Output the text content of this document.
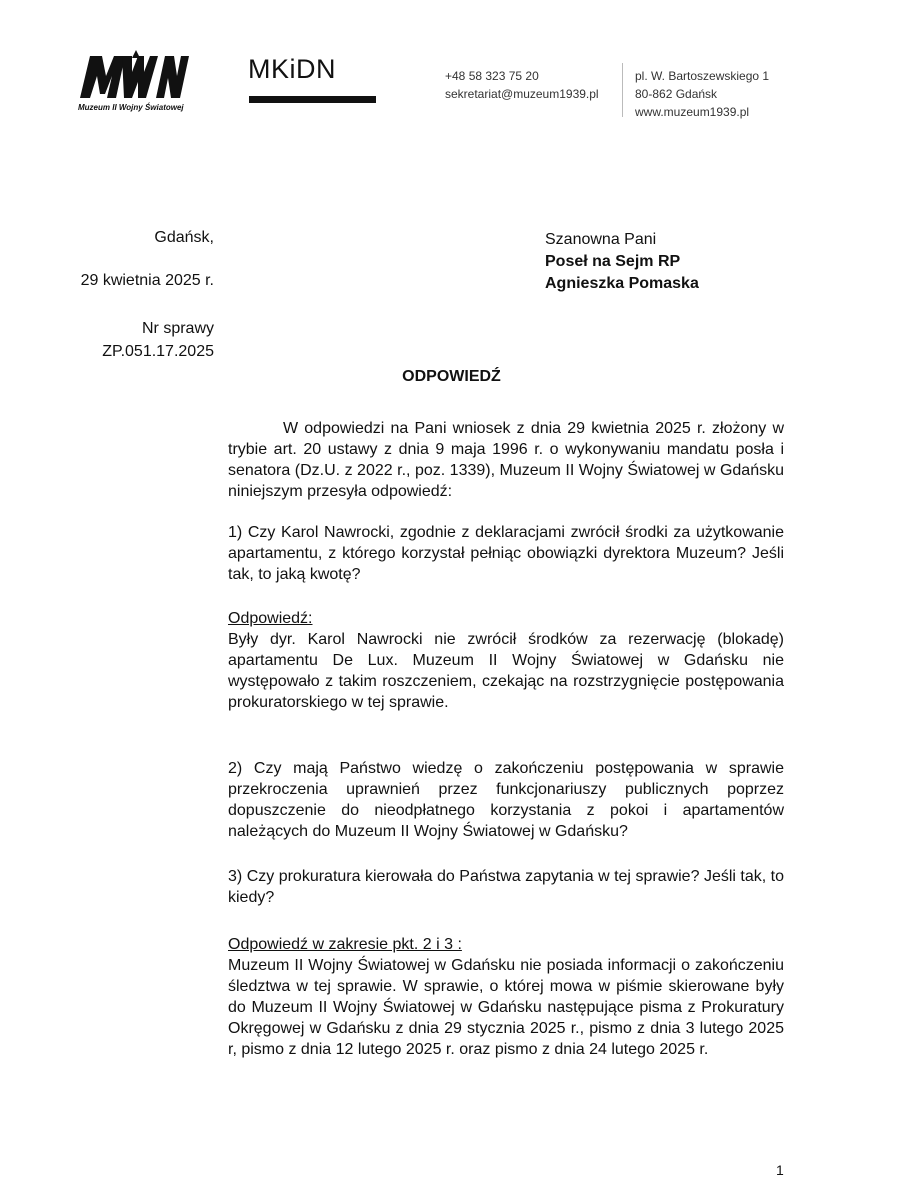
Muzeum II Wojny Światowej
MKiDN	+48 58 323 75 20
sekretariat@muzeum1939.pl
pl. W. Bartoszewskiego 1
80-862 Gdańsk
www.muzeum1939.pl
Gdańsk,
29 kwietnia 2025 r.
Nr sprawy
ZP.051.17.2025
Szanowna Pani
Poseł na Sejm RP
Agnieszka Pomaska
ODPOWIEDŹ

W odpowiedzi na Pani wniosek z dnia 29 kwietnia 2025 r. złożony w trybie art. 20 ustawy z dnia 9 maja 1996 r. o wykonywaniu mandatu posła i senatora (Dz.U. z 2022 r., poz. 1339), Muzeum II Wojny Światowej w Gdańsku niniejszym przesyła odpowiedź:

1) Czy Karol Nawrocki, zgodnie z deklaracjami zwrócił środki za użytkowanie apartamentu, z którego korzystał pełniąc obowiązki dyrektora Muzeum? Jeśli tak, to jaką kwotę?

Odpowiedź:

Były dyr. Karol Nawrocki nie zwrócił środków za rezerwację (blokadę) apartamentu De Lux. Muzeum II Wojny Światowej w Gdańsku nie występowało z takim roszczeniem, czekając na rozstrzygnięcie postępowania prokuratorskiego w tej sprawie.

2) Czy mają Państwo wiedzę o zakończeniu postępowania w sprawie przekroczenia uprawnień przez funkcjonariuszy publicznych poprzez dopuszczenie do nieodpłatnego korzystania z pokoi i apartamentów należących do Muzeum II Wojny Światowej w Gdańsku?

3) Czy prokuratura kierowała do Państwa zapytania w tej sprawie? Jeśli tak, to kiedy?

Odpowiedź w zakresie pkt. 2 i 3 :

Muzeum II Wojny Światowej w Gdańsku nie posiada informacji o zakończeniu śledztwa w tej sprawie. W sprawie, o której mowa w piśmie skierowane były do Muzeum II Wojny Światowej w Gdańsku następujące pisma z Prokuratury Okręgowej w Gdańsku z dnia 29 stycznia 2025 r., pismo z dnia 3 lutego 2025 r, pismo z dnia 12 lutego 2025 r. oraz pismo z dnia 24 lutego 2025 r.

1
